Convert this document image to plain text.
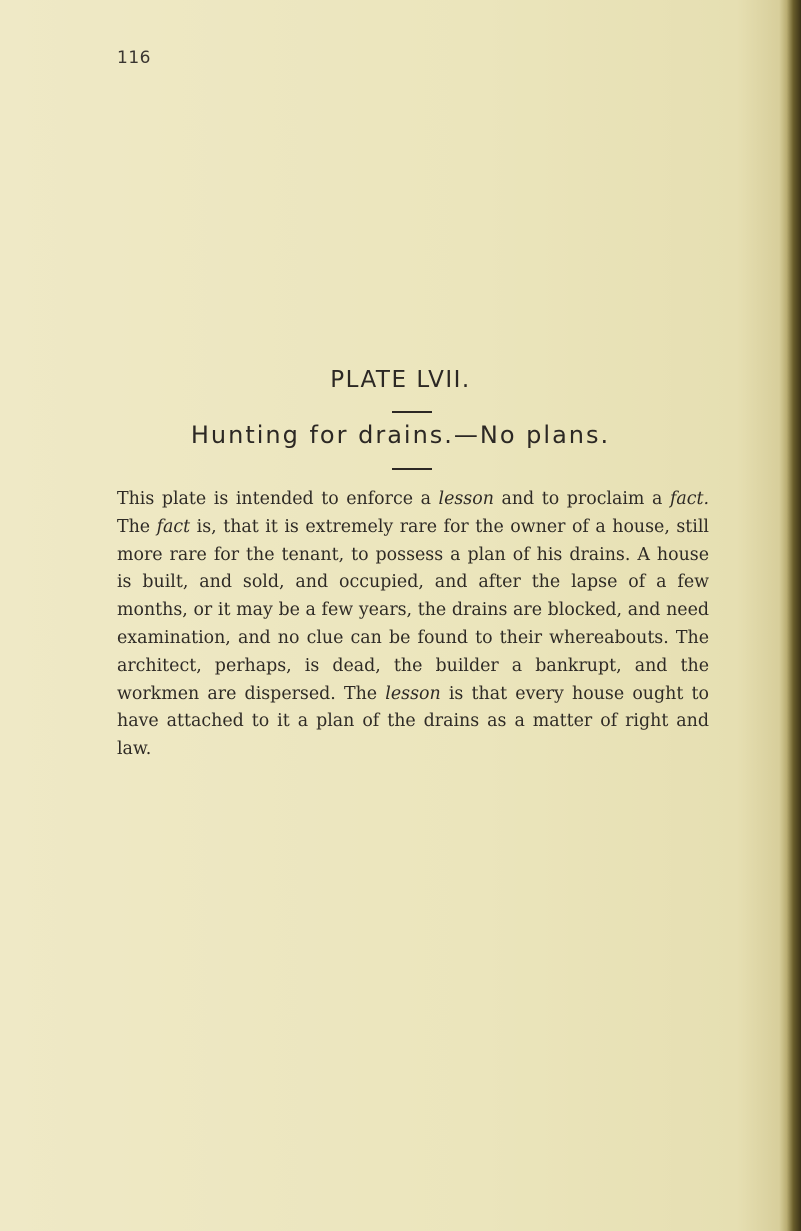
116
PLATE LVII.
Hunting for drains.—No plans.
This plate is intended to enforce a lesson and to proclaim a fact. The fact is, that it is extremely rare for the owner of a house, still more rare for the tenant, to possess a plan of his drains. A house is built, and sold, and occupied, and after the lapse of a few months, or it may be a few years, the drains are blocked, and need examination, and no clue can be found to their whereabouts. The architect, perhaps, is dead, the builder a bankrupt, and the workmen are dispersed. The lesson is that every house ought to have attached to it a plan of the drains as a matter of right and law.
